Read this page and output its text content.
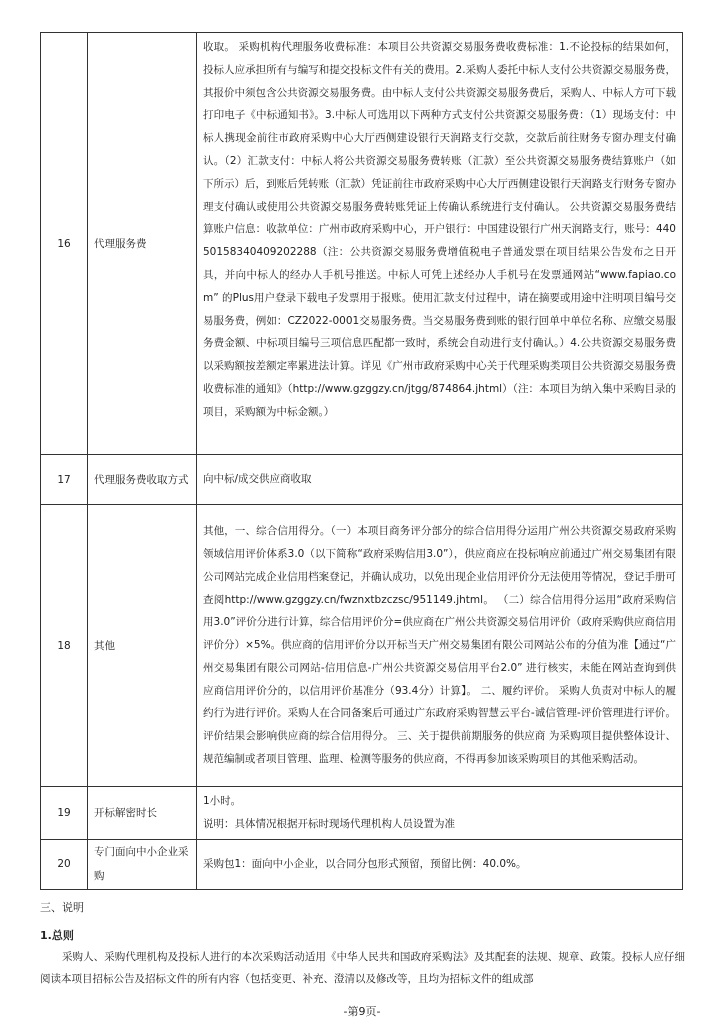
16	代理服务费	收取。 采购机构代理服务收费标准：本项目公共资源交易服务费收费标准：1.不论投标的结果如何，投标人应承担所有与编写和提交投标文件有关的费用。2.采购人委托中标人支付公共资源交易服务费，其报价中须包含公共资源交易服务费。由中标人支付公共资源交易服务费后，采购人、中标人方可下载打印电子《中标通知书》。3.中标人可选用以下两种方式支付公共资源交易服务费：（1）现场支付：中标人携现金前往市政府采购中心大厅西侧建设银行天润路支行交款，交款后前往财务专窗办理支付确认。（2）汇款支付：中标人将公共资源交易服务费转账（汇款）至公共资源交易服务费结算账户（如下所示）后，到账后凭转账（汇款）凭证前往市政府采购中心大厅西侧建设银行天润路支行财务专窗办理支付确认或使用公共资源交易服务费转账凭证上传确认系统进行支付确认。 公共资源交易服务费结算账户信息：收款单位：广州市政府采购中心，开户银行：中国建设银行广州天润路支行，账号：44050158340409202288（注：公共资源交易服务费增值税电子普通发票在项目结果公告发布之日开具，并向中标人的经办人手机号推送。中标人可凭上述经办人手机号在发票通网站“www.fapiao.com” 的Plus用户登录下载电子发票用于报账。使用汇款支付过程中，请在摘要或用途中注明项目编号交易服务费，例如：CZ2022-0001交易服务费。当交易服务费到账的银行回单中单位名称、应缴交易服务费金额、中标项目编号三项信息匹配都一致时，系统会自动进行支付确认。）4.公共资源交易服务费以采购额按差额定率累进法计算。详见《广州市政府采购中心关于代理采购类项目公共资源交易服务费收费标准的通知》（http://www.gzggzy.cn/jtgg/874864.jhtml）（注：本项目为纳入集中采购目录的项目，采购额为中标金额。）
17	代理服务费收取方式	向中标/成交供应商收取
18	其他	其他，一、综合信用得分。（一）本项目商务评分部分的综合信用得分运用广州公共资源交易政府采购领域信用评价体系3.0（以下简称“政府采购信用3.0”），供应商应在投标响应前通过广州交易集团有限公司网站完成企业信用档案登记，并确认成功，以免出现企业信用评价分无法使用等情况，登记手册可查阅http://www.gzggzy.cn/fwznxtbzczsc/951149.jhtml。 （二）综合信用得分运用“政府采购信用3.0”评价分进行计算，综合信用评价分=供应商在广州公共资源交易信用评价（政府采购供应商信用评价分）×5%。供应商的信用评价分以开标当天广州交易集团有限公司网站公布的分值为准【通过“广州交易集团有限公司网站-信用信息-广州公共资源交易信用平台2.0” 进行核实，未能在网站查询到供应商信用评价分的，以信用评价基准分（93.4分）计算】。 二、履约评价。 采购人负责对中标人的履约行为进行评价。采购人在合同备案后可通过广东政府采购智慧云平台-诚信管理-评价管理进行评价。评价结果会影响供应商的综合信用得分。 三、关于提供前期服务的供应商 为采购项目提供整体设计、规范编制或者项目管理、监理、检测等服务的供应商，不得再参加该采购项目的其他采购活动。
19	开标解密时长	1小时。

说明：具体情况根据开标时现场代理机构人员设置为准

20	专门面向中小企业采购	采购包1：面向中小企业，以合同分包形式预留，预留比例：40.0%。
三、说明
1.总则
采购人、采购代理机构及投标人进行的本次采购活动适用《中华人民共和国政府采购法》及其配套的法规、规章、政策。投标人应仔细阅读本项目招标公告及招标文件的所有内容（包括变更、补充、澄清以及修改等，且均为招标文件的组成部
-第9页-
